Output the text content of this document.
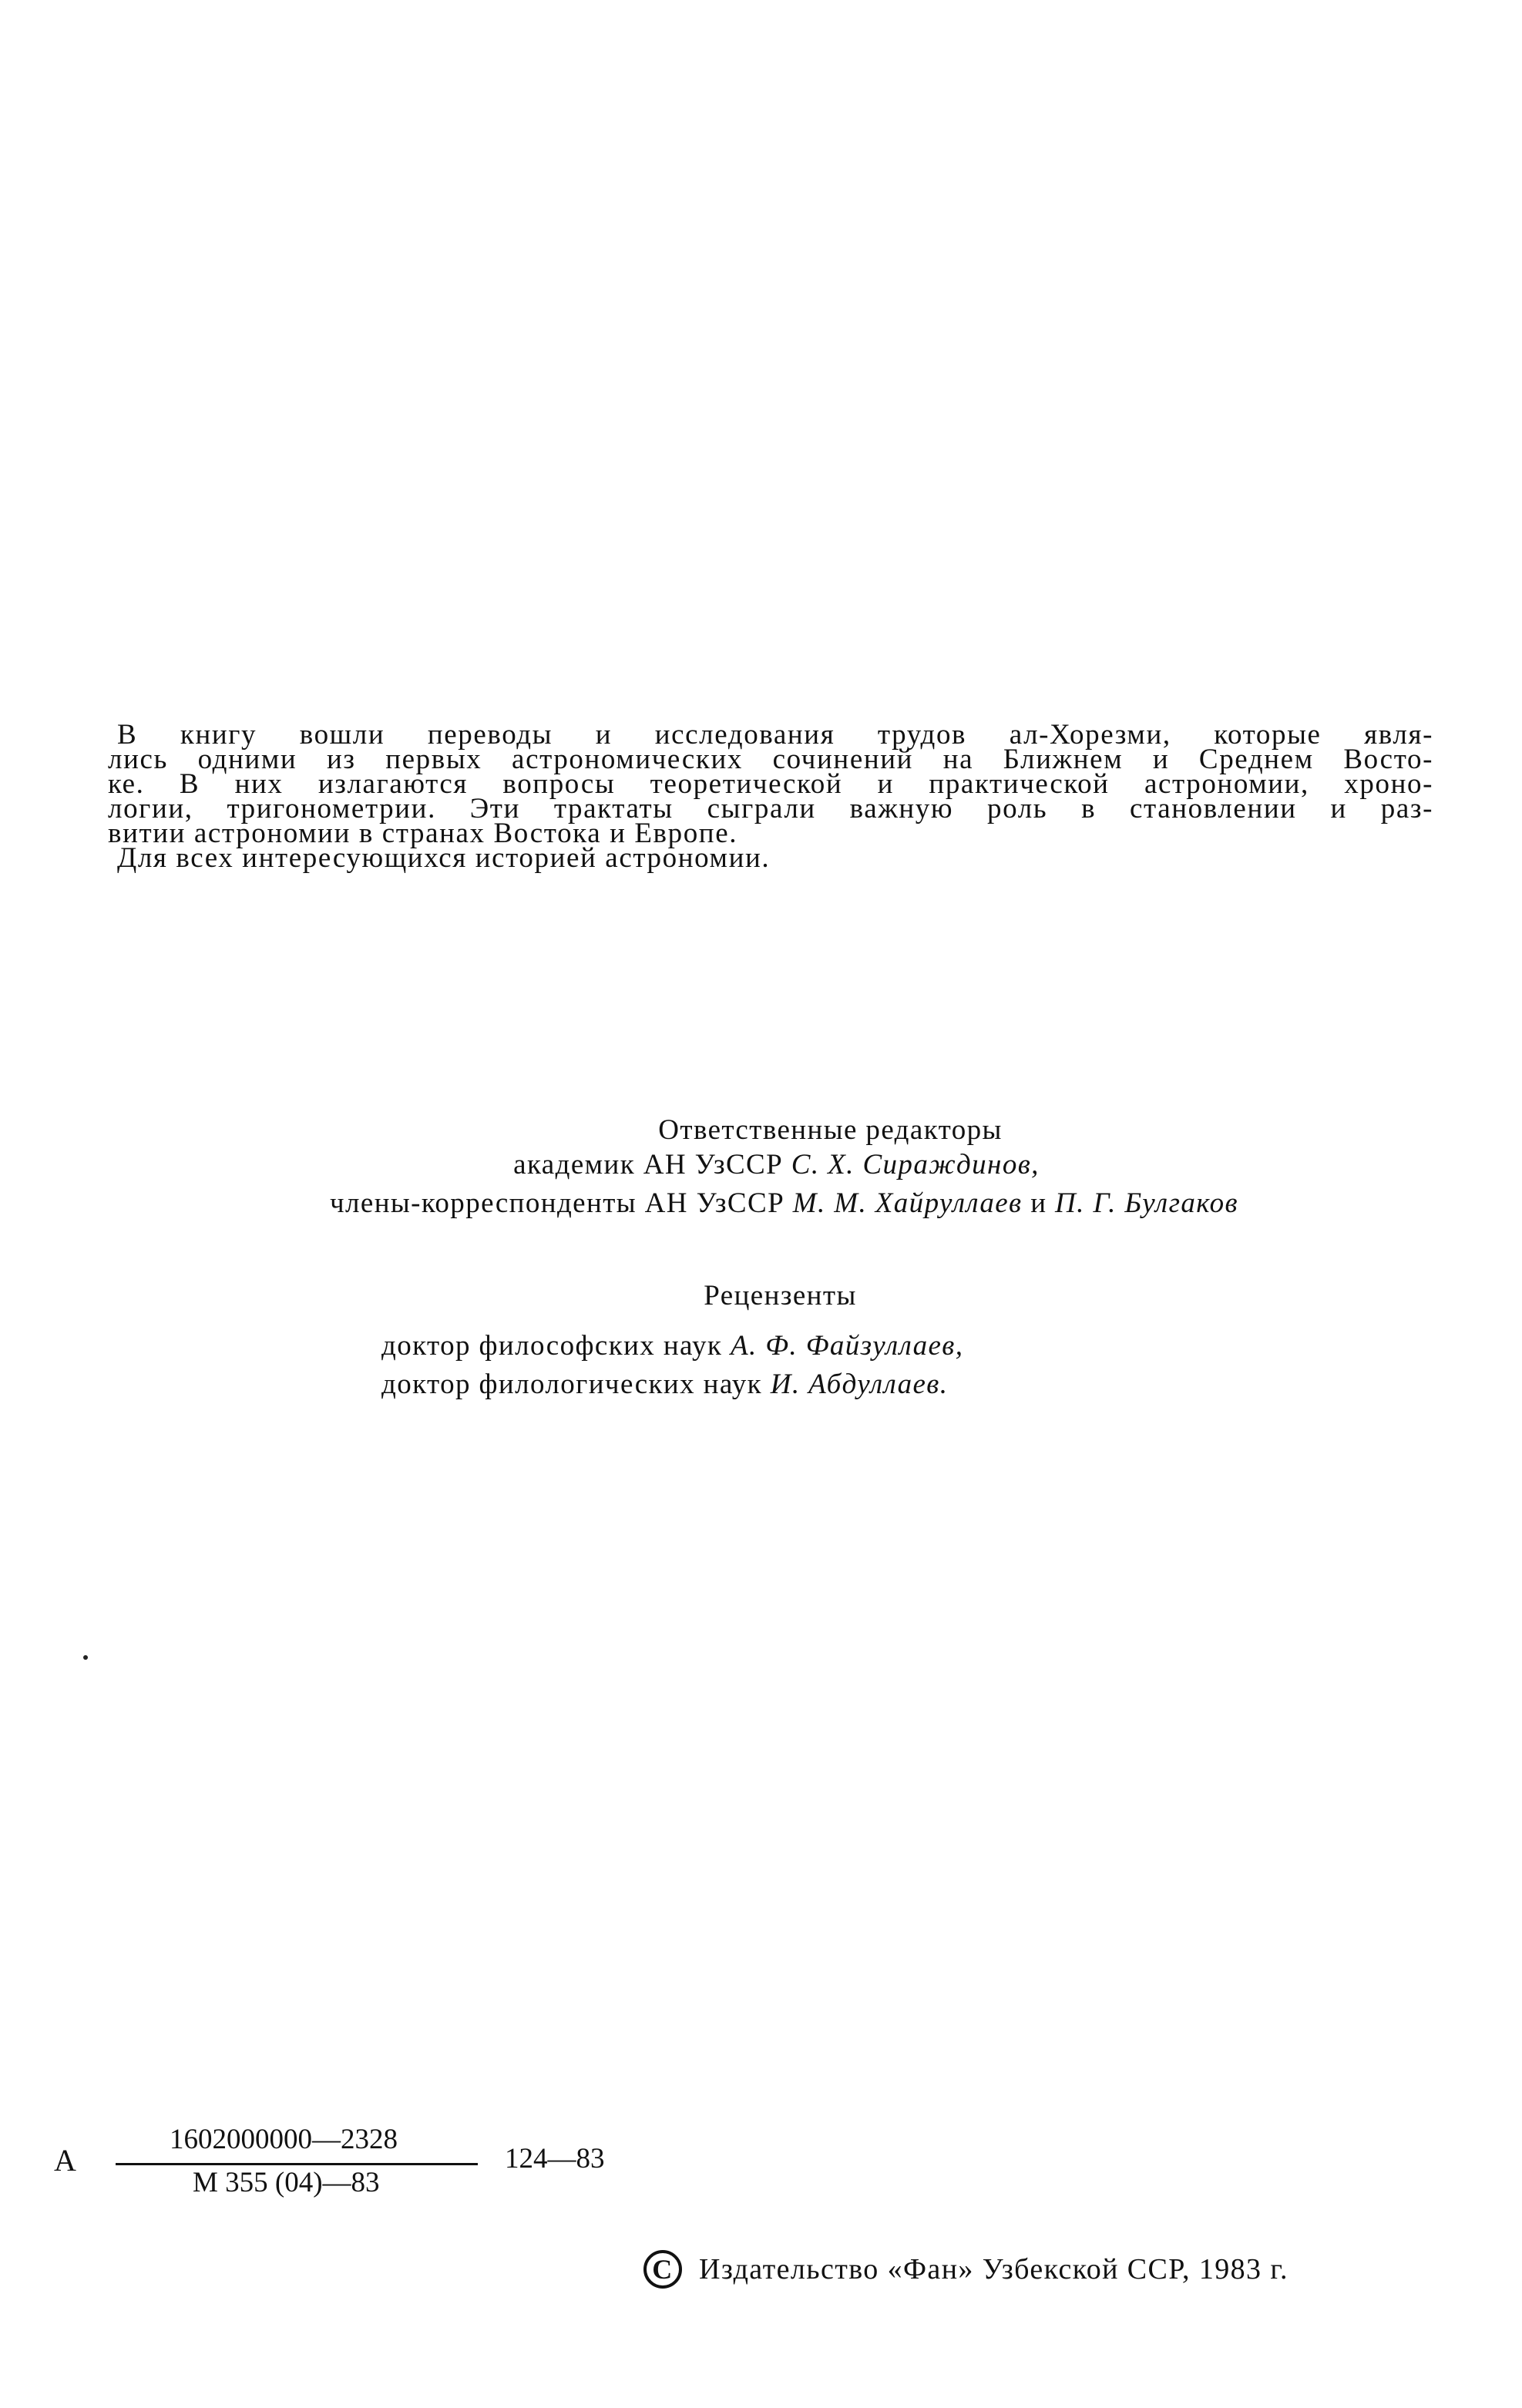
В книгу вошли переводы и исследования трудов ал-Хорезми, которые явля-
лись одними из первых астрономических сочинений на Ближнем и Среднем Восто-
ке. В них излагаются вопросы теоретической и практической астрономии, хроно-
логии, тригонометрии. Эти трактаты сыграли важную роль в становлении и раз-
витии астрономии в странах Востока и Европе.
Для всех интересующихся историей астрономии.
Ответственные редакторы
академик АН УзССР С. Х. Сираждинов,
члены-корреспонденты АН УзССР М. М. Хайруллаев и П. Г. Булгаков
Рецензенты
доктор философских наук А. Ф. Файзуллаев,
доктор филологических наук И. Абдуллаев.
А
1602000000—2328
М 355 (04)—83
124—83
С Издательство «Фан» Узбекской ССР, 1983 г.
